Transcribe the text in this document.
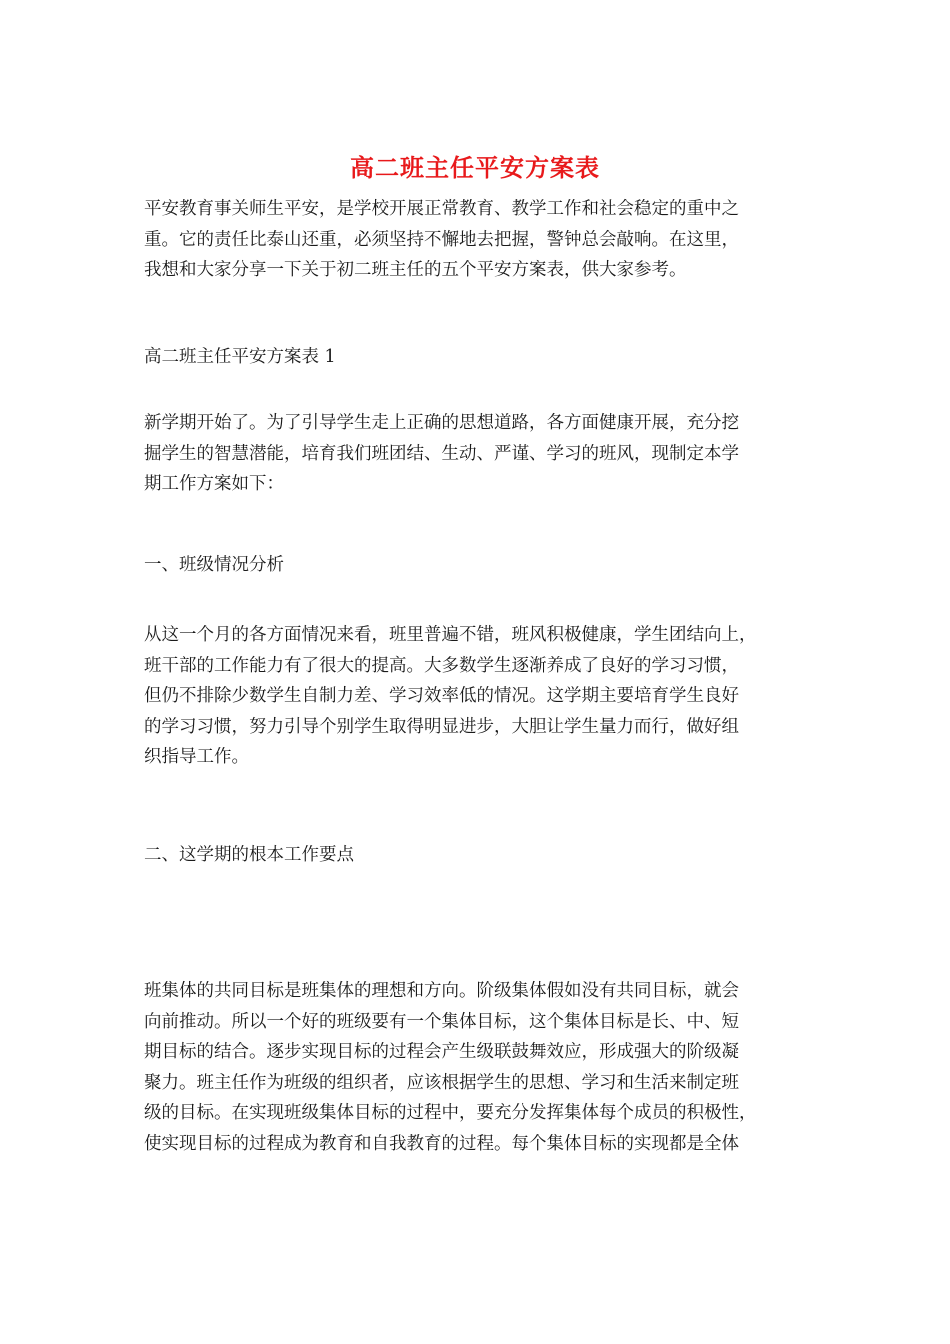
高二班主任平安方案表
平安教育事关师生平安，是学校开展正常教育、教学工作和社会稳定的重中之
重。它的责任比泰山还重，必须坚持不懈地去把握，警钟总会敲响。在这里，
我想和大家分享一下关于初二班主任的五个平安方案表，供大家参考。
高二班主任平安方案表 1
新学期开始了。为了引导学生走上正确的思想道路，各方面健康开展，充分挖
掘学生的智慧潜能，培育我们班团结、生动、严谨、学习的班风，现制定本学
期工作方案如下：
一、班级情况分析
从这一个月的各方面情况来看，班里普遍不错，班风积极健康，学生团结向上，
班干部的工作能力有了很大的提高。大多数学生逐渐养成了良好的学习习惯，
但仍不排除少数学生自制力差、学习效率低的情况。这学期主要培育学生良好
的学习习惯，努力引导个别学生取得明显进步，大胆让学生量力而行，做好组
织指导工作。
二、这学期的根本工作要点
班集体的共同目标是班集体的理想和方向。阶级集体假如没有共同目标，就会
向前推动。所以一个好的班级要有一个集体目标，这个集体目标是长、中、短
期目标的结合。逐步实现目标的过程会产生级联鼓舞效应，形成强大的阶级凝
聚力。班主任作为班级的组织者，应该根据学生的思想、学习和生活来制定班
级的目标。在实现班级集体目标的过程中，要充分发挥集体每个成员的积极性，
使实现目标的过程成为教育和自我教育的过程。每个集体目标的实现都是全体
